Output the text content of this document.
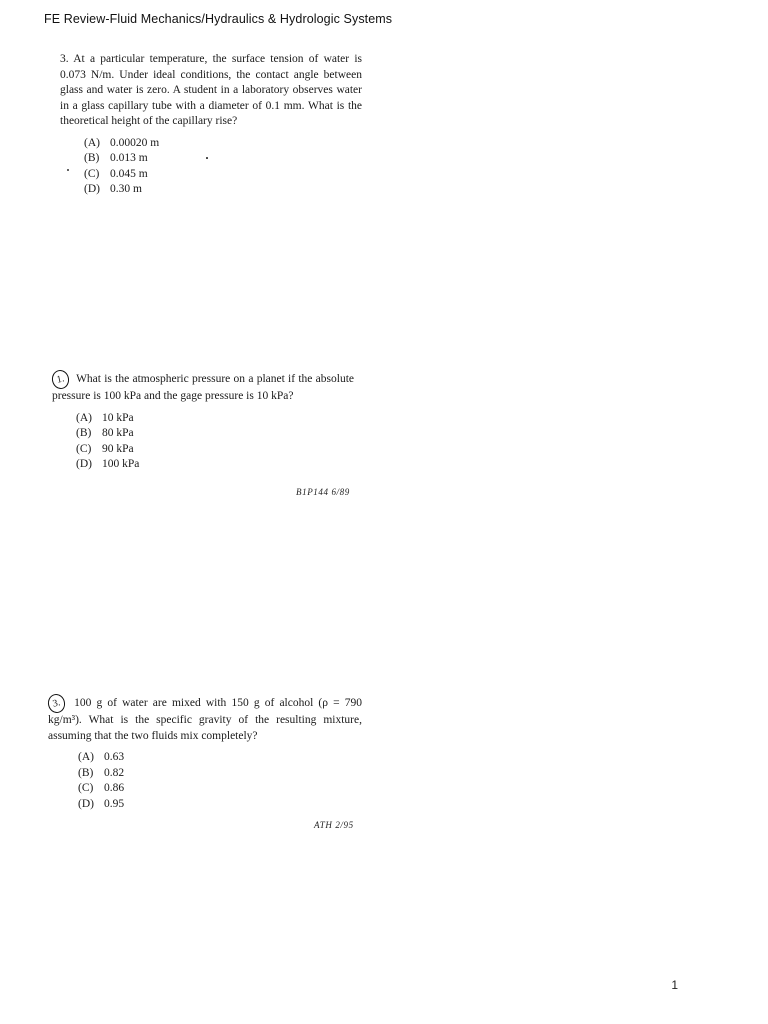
FE Review-Fluid Mechanics/Hydraulics & Hydrologic Systems

3. At a particular temperature, the surface tension of water is 0.073 N/m. Under ideal conditions, the contact angle between glass and water is zero. A student in a laboratory observes water in a glass capillary tube with a diameter of 0.1 mm. What is the theoretical height of the capillary rise?

(A) 0.00020 m
(B) 0.013 m
(C) 0.045 m
(D) 0.30 m

1. What is the atmospheric pressure on a planet if the absolute pressure is 100 kPa and the gage pressure is 10 kPa?

(A) 10 kPa
(B) 80 kPa
(C) 90 kPa
(D) 100 kPa
B1P144 6/89

3. 100 g of water are mixed with 150 g of alcohol (ρ = 790 kg/m³). What is the specific gravity of the resulting mixture, assuming that the two fluids mix completely?

(A) 0.63
(B) 0.82
(C) 0.86
(D) 0.95
ATH 2/95
1
